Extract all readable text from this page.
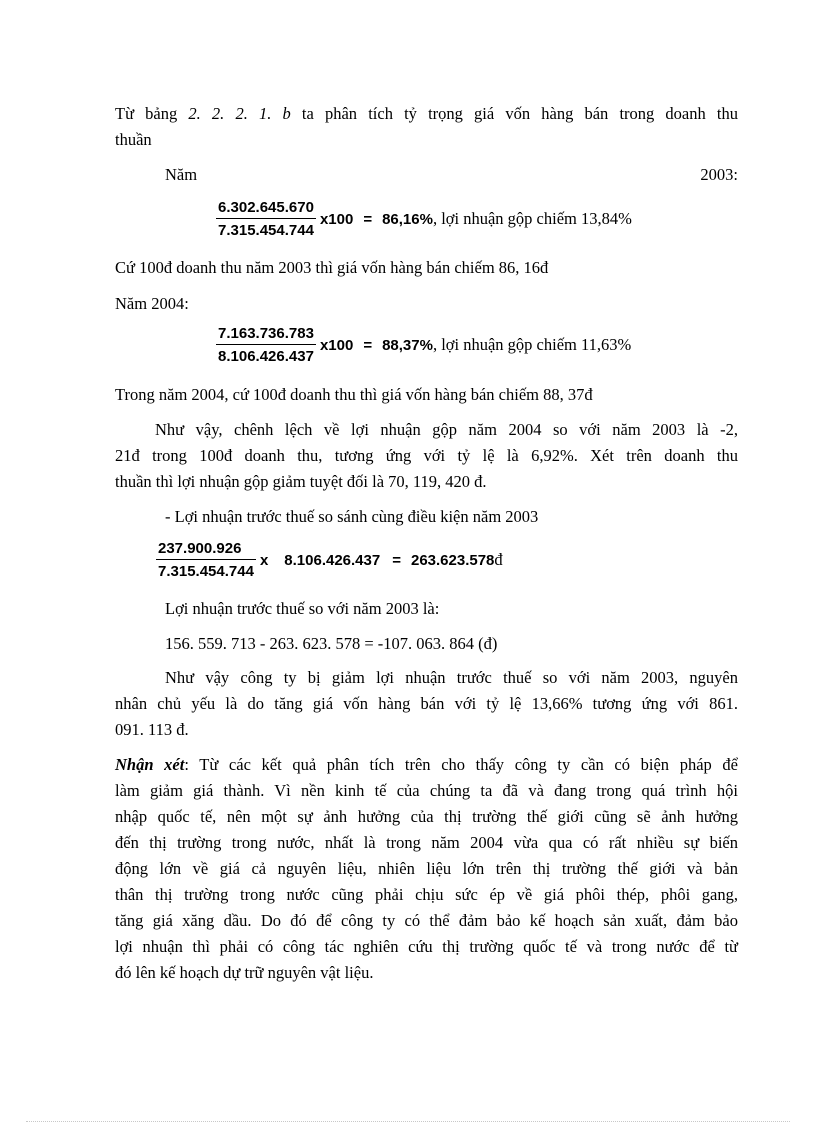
Từ bảng 2. 2. 2. 1. b ta phân tích tỷ trọng giá vốn hàng bán trong doanh thu
thuần
Năm	2003:
$\frac{6.302.645.670}{7.315.454.744} x100 = 86,16\%$ , lợi nhuận gộp chiếm 13,84%
Cứ 100đ doanh thu năm 2003 thì giá vốn hàng bán chiếm 86, 16đ
Năm 2004:
$\frac{7.163.736.783}{8.106.426.437} x100 = 88,37\%$ , lợi nhuận gộp chiếm 11,63%
Trong năm 2004, cứ 100đ doanh thu thì giá vốn hàng bán chiếm 88, 37đ
Như vậy, chênh lệch về lợi nhuận gộp năm 2004 so với năm 2003 là -2,
21đ trong 100đ doanh thu, tương ứng với tỷ lệ là 6,92%. Xét trên doanh thu
thuần thì lợi nhuận gộp giảm tuyệt đối là 70, 119, 420 đ.
- Lợi nhuận trước thuế so sánh cùng điều kiện năm 2003
$\frac{237.900.926}{7.315.454.744}$ x 8.106.426.437 = 263.623.578 đ
Lợi nhuận trước thuế so với năm 2003 là:
156. 559. 713 - 263. 623. 578 = -107. 063. 864 (đ)
Như vậy công ty bị giảm lợi nhuận trước thuế so với năm 2003, nguyên
nhân chủ yếu là do tăng giá vốn hàng bán với tỷ lệ 13,66% tương ứng với 861.
091. 113 đ.
Nhận xét: Từ các kết quả phân tích trên cho thấy công ty cần có biện pháp để
làm giảm giá thành. Vì nền kinh tế của chúng ta đã và đang trong quá trình hội
nhập quốc tế, nên một sự ảnh hưởng của thị trường thế giới cũng sẽ ảnh hưởng
đến thị trường trong nước, nhất là trong năm 2004 vừa qua có rất nhiều sự biến
động lớn về giá cả nguyên liệu, nhiên liệu lớn trên thị trường thế giới và bản
thân thị trường trong nước cũng phải chịu sức ép về giá phôi thép, phôi gang,
tăng giá xăng dầu. Do đó để công ty có thể đảm bảo kế hoạch sản xuất, đảm bảo
lợi nhuận thì phải có công tác nghiên cứu thị trường quốc tế và trong nước để từ
đó lên kế hoạch dự trữ nguyên vật liệu.
